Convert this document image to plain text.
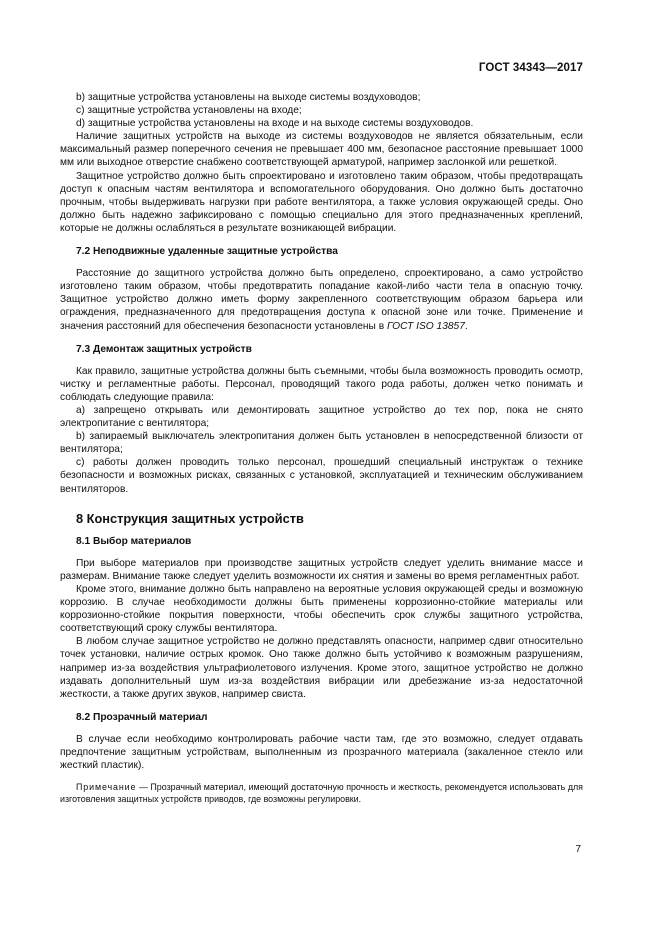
ГОСТ 34343—2017

b) защитные устройства установлены на выходе системы воздуховодов;

c) защитные устройства установлены на входе;

d) защитные устройства установлены на входе и на выходе системы воздуховодов.

Наличие защитных устройств на выходе из системы воздуховодов не является обязательным, если максимальный размер поперечного сечения не превышает 400 мм, безопасное расстояние превышает 1000 мм или выходное отверстие снабжено соответствующей арматурой, например заслонкой или решеткой.

Защитное устройство должно быть спроектировано и изготовлено таким образом, чтобы предотвращать доступ к опасным частям вентилятора и вспомогательного оборудования. Оно должно быть достаточно прочным, чтобы выдерживать нагрузки при работе вентилятора, а также условия окружающей среды. Оно должно быть надежно зафиксировано с помощью специально для этого предназначенных креплений, которые не должны ослабляться в результате возникающей вибрации.

7.2 Неподвижные удаленные защитные устройства

Расстояние до защитного устройства должно быть определено, спроектировано, а само устройство изготовлено таким образом, чтобы предотвратить попадание какой-либо части тела в опасную точку. Защитное устройство должно иметь форму закрепленного соответствующим образом барьера или ограждения, предназначенного для предотвращения доступа к опасной зоне или точке. Применение и значения расстояний для обеспечения безопасности установлены в ГОСТ ISO 13857.

7.3 Демонтаж защитных устройств

Как правило, защитные устройства должны быть съемными, чтобы была возможность проводить осмотр, чистку и регламентные работы. Персонал, проводящий такого рода работы, должен четко понимать и соблюдать следующие правила:

a) запрещено открывать или демонтировать защитное устройство до тех пор, пока не снято электропитание с вентилятора;

b) запираемый выключатель электропитания должен быть установлен в непосредственной близости от вентилятора;

c) работы должен проводить только персонал, прошедший специальный инструктаж о технике безопасности и возможных рисках, связанных с установкой, эксплуатацией и техническим обслуживанием вентиляторов.

8 Конструкция защитных устройств
8.1 Выбор материалов

При выборе материалов при производстве защитных устройств следует уделить внимание массе и размерам. Внимание также следует уделить возможности их снятия и замены во время регламентных работ.

Кроме этого, внимание должно быть направлено на вероятные условия окружающей среды и возможную коррозию. В случае необходимости должны быть применены коррозионно-стойкие материалы или коррозионно-стойкие покрытия поверхности, чтобы обеспечить срок службы защитного устройства, соответствующий сроку службы вентилятора.

В любом случае защитное устройство не должно представлять опасности, например сдвиг относительно точек установки, наличие острых кромок. Оно также должно быть устойчиво к возможным разрушениям, например из-за воздействия ультрафиолетового излучения. Кроме этого, защитное устройство не должно издавать дополнительный шум из-за воздействия вибрации или дребезжание из-за недостаточной жесткости, а также других звуков, например свиста.

8.2 Прозрачный материал

В случае если необходимо контролировать рабочие части там, где это возможно, следует отдавать предпочтение защитным устройствам, выполненным из прозрачного материала (закаленное стекло или жесткий пластик).

Примечание — Прозрачный материал, имеющий достаточную прочность и жесткость, рекомендуется использовать для изготовления защитных устройств приводов, где возможны регулировки.

7
